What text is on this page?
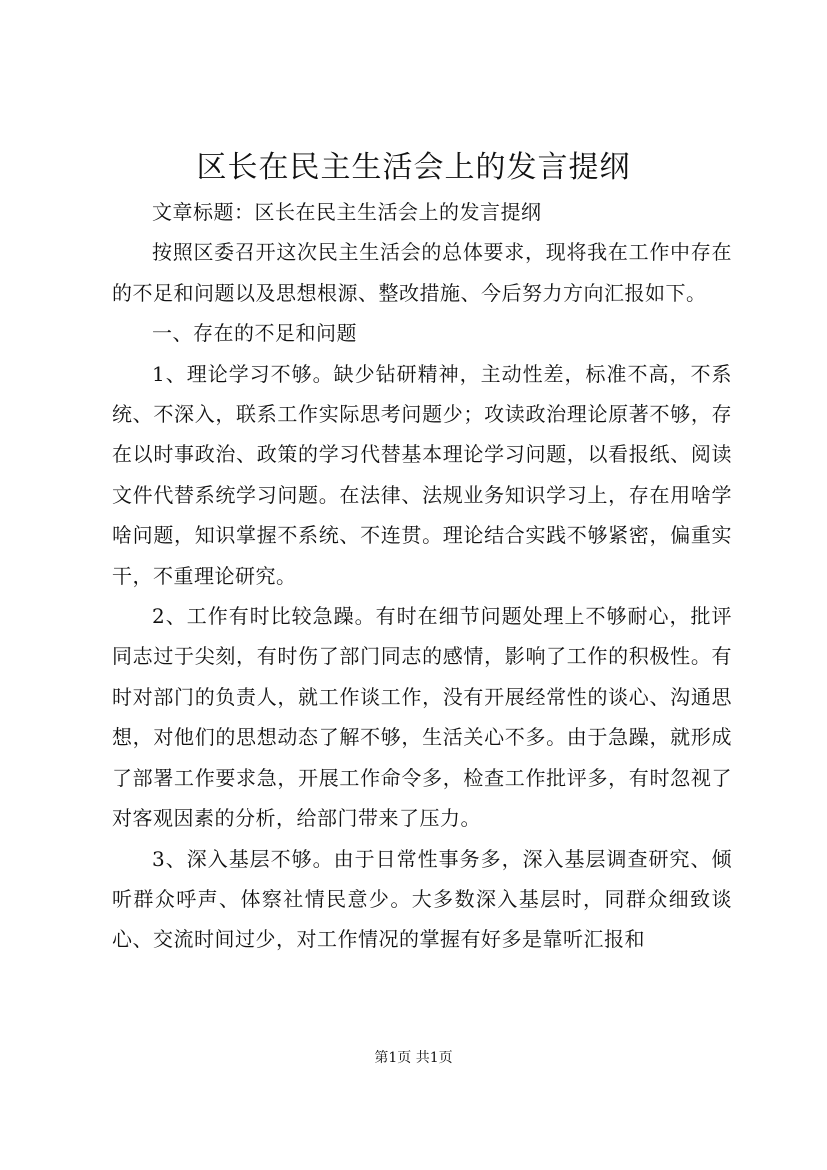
区长在民主生活会上的发言提纲

文章标题：区长在民主生活会上的发言提纲

按照区委召开这次民主生活会的总体要求，现将我在工作中存在的不足和问题以及思想根源、整改措施、今后努力方向汇报如下。

一、存在的不足和问题

1、理论学习不够。缺少钻研精神，主动性差，标准不高，不系统、不深入，联系工作实际思考问题少；攻读政治理论原著不够，存在以时事政治、政策的学习代替基本理论学习问题，以看报纸、阅读文件代替系统学习问题。在法律、法规业务知识学习上，存在用啥学啥问题，知识掌握不系统、不连贯。理论结合实践不够紧密，偏重实干，不重理论研究。

2、工作有时比较急躁。有时在细节问题处理上不够耐心，批评同志过于尖刻，有时伤了部门同志的感情，影响了工作的积极性。有时对部门的负责人，就工作谈工作，没有开展经常性的谈心、沟通思想，对他们的思想动态了解不够，生活关心不多。由于急躁，就形成了部署工作要求急，开展工作命令多，检查工作批评多，有时忽视了对客观因素的分析，给部门带来了压力。

3、深入基层不够。由于日常性事务多，深入基层调查研究、倾听群众呼声、体察社情民意少。大多数深入基层时，同群众细致谈心、交流时间过少，对工作情况的掌握有好多是靠听汇报和

第1页 共1页
